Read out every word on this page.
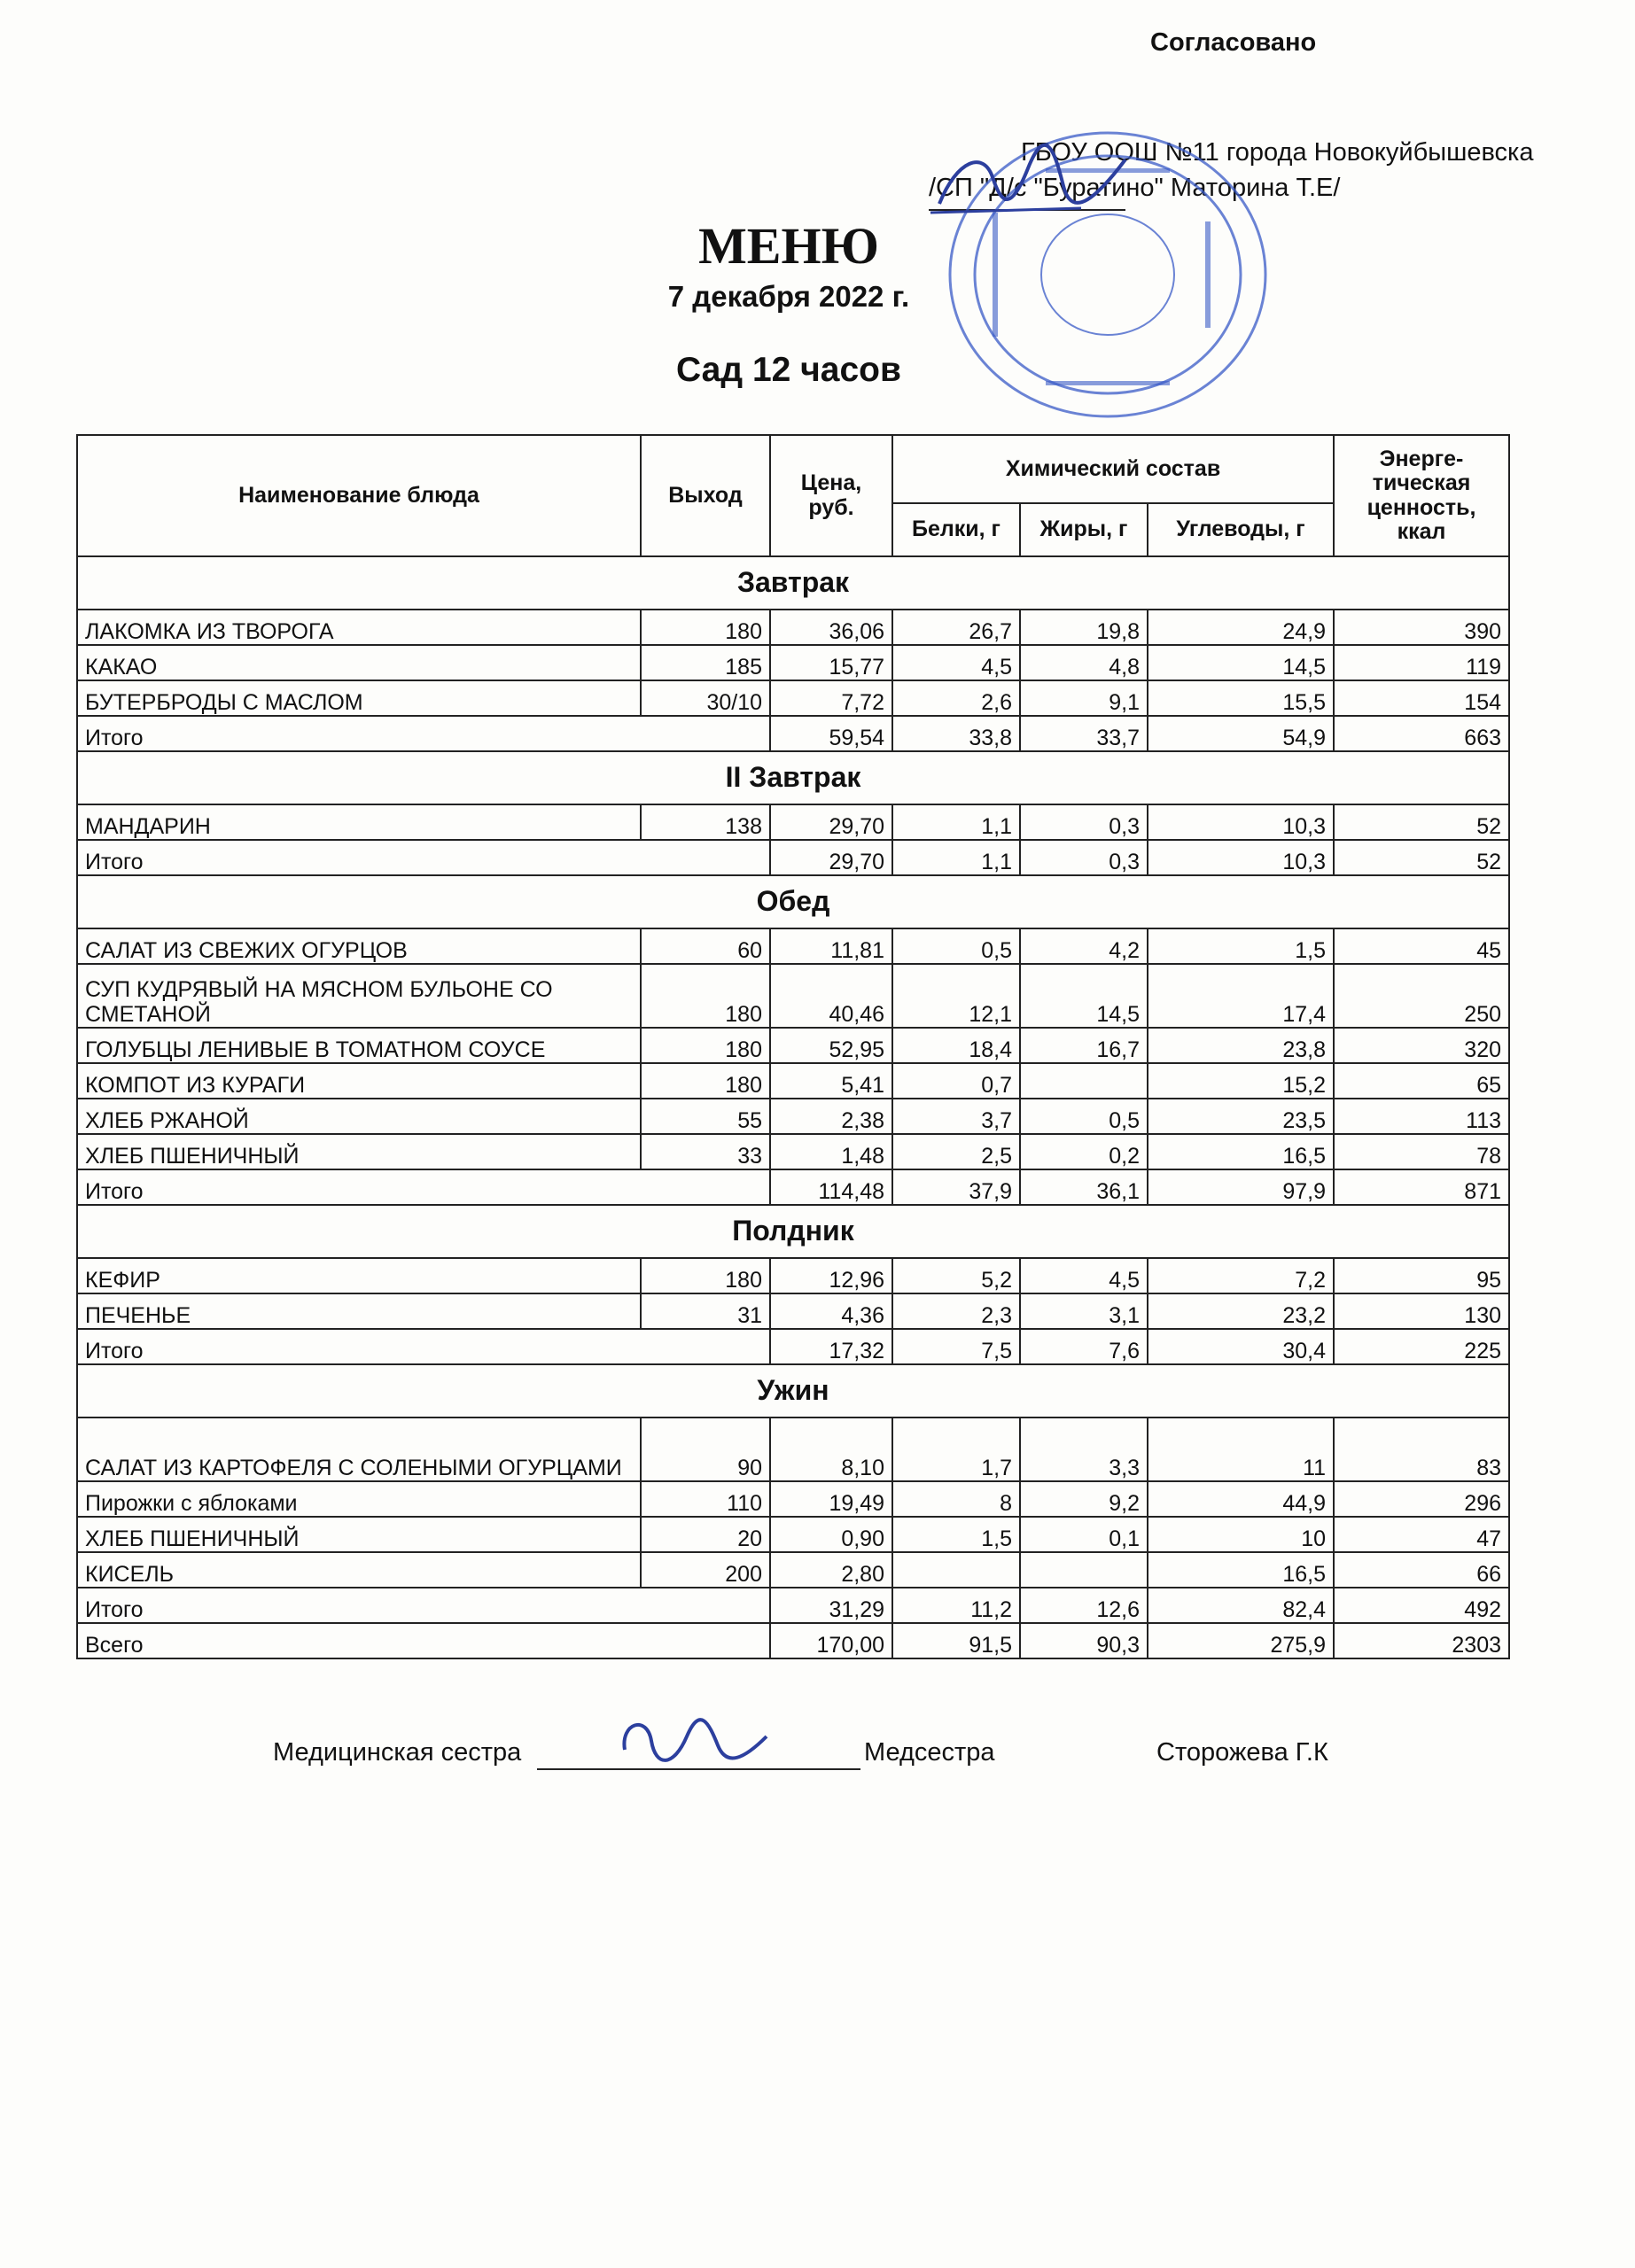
Согласовано
ГБОУ ООШ №11 города Новокуйбышевска
/СП "Д/с "Буратино" Маторина Т.Е/
МЕНЮ
7 декабря 2022 г.
Сад 12 часов
Наименование блюда	Выход	Цена, руб.	Химический состав			Энерге-тическая ценность, ккал
			Белки, г	Жиры, г	Углеводы, г	
Завтрак						
ЛАКОМКА ИЗ ТВОРОГА	180	36,06	26,7	19,8	24,9	390
КАКАО	185	15,77	4,5	4,8	14,5	119
БУТЕРБРОДЫ С МАСЛОМ	30/10	7,72	2,6	9,1	15,5	154
Итого		59,54	33,8	33,7	54,9	663
II Завтрак						
МАНДАРИН	138	29,70	1,1	0,3	10,3	52
Итого		29,70	1,1	0,3	10,3	52
Обед						
САЛАТ ИЗ СВЕЖИХ ОГУРЦОВ	60	11,81	0,5	4,2	1,5	45
СУП КУДРЯВЫЙ НА МЯСНОМ БУЛЬОНЕ СО СМЕТАНОЙ	180	40,46	12,1	14,5	17,4	250
ГОЛУБЦЫ ЛЕНИВЫЕ В ТОМАТНОМ СОУСЕ	180	52,95	18,4	16,7	23,8	320
КОМПОТ ИЗ КУРАГИ	180	5,41	0,7		15,2	65
ХЛЕБ РЖАНОЙ	55	2,38	3,7	0,5	23,5	113
ХЛЕБ ПШЕНИЧНЫЙ	33	1,48	2,5	0,2	16,5	78
Итого		114,48	37,9	36,1	97,9	871
Полдник						
КЕФИР	180	12,96	5,2	4,5	7,2	95
ПЕЧЕНЬЕ	31	4,36	2,3	3,1	23,2	130
Итого		17,32	7,5	7,6	30,4	225
Ужин						
САЛАТ ИЗ КАРТОФЕЛЯ С СОЛЕНЫМИ ОГУРЦАМИ	90	8,10	1,7	3,3	11	83
Пирожки с яблоками	110	19,49	8	9,2	44,9	296
ХЛЕБ ПШЕНИЧНЫЙ	20	0,90	1,5	0,1	10	47
КИСЕЛЬ	200	2,80			16,5	66
Итого		31,29	11,2	12,6	82,4	492
Всего		170,00	91,5	90,3	275,9	2303
Медицинская сестра	Медсестра	Сторожева Г.К
